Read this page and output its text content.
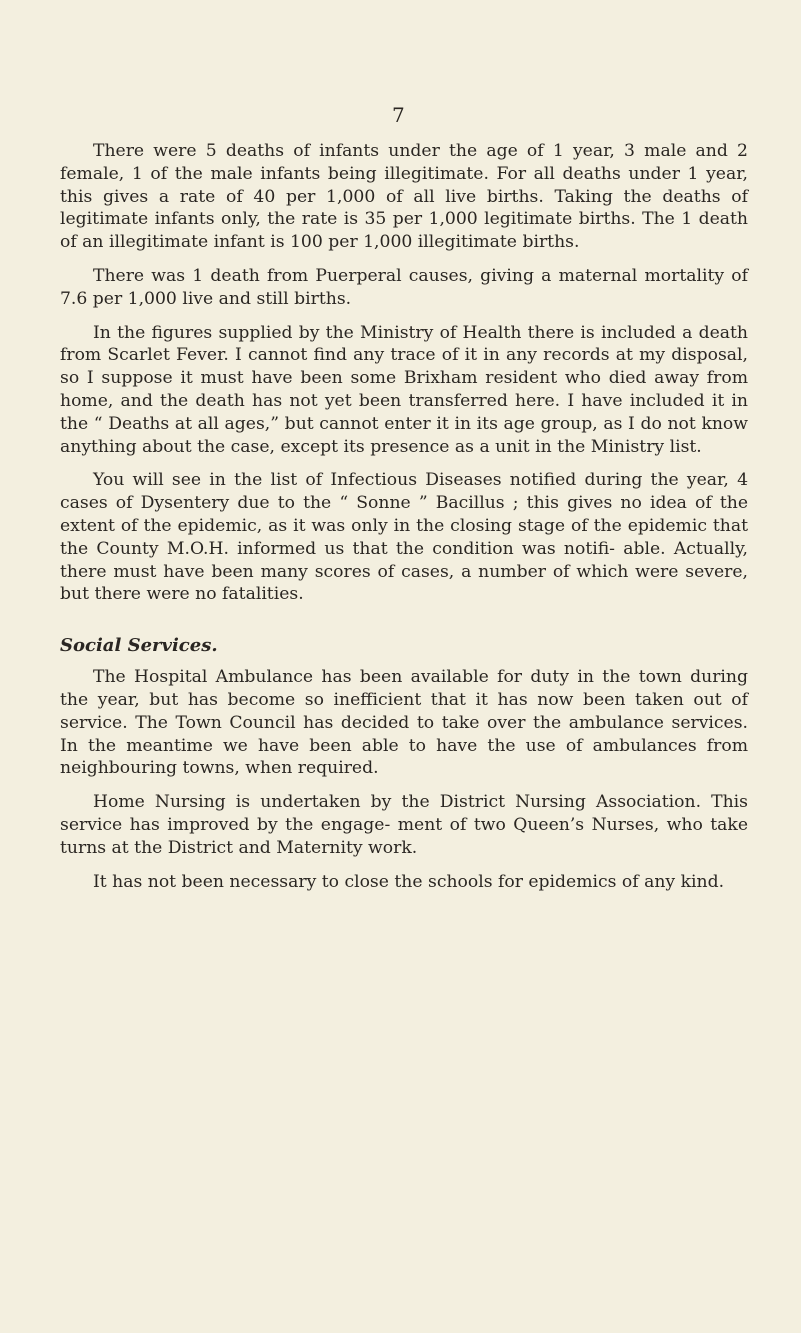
7

There were 5 deaths of infants under the age of 1 year, 3 male and 2 female, 1 of the male infants being illegitimate. For all deaths under 1 year, this gives a rate of 40 per 1,000 of all live births. Taking the deaths of legitimate infants only, the rate is 35 per 1,000 legitimate births. The 1 death of an illegitimate infant is 100 per 1,000 illegitimate births.

There was 1 death from Puerperal causes, giving a maternal mortality of 7.6 per 1,000 live and still births.

In the figures supplied by the Ministry of Health there is included a death from Scarlet Fever. I cannot find any trace of it in any records at my disposal, so I suppose it must have been some Brixham resident who died away from home, and the death has not yet been transferred here. I have included it in the “ Deaths at all ages,” but cannot enter it in its age group, as I do not know anything about the case, except its presence as a unit in the Ministry list.

You will see in the list of Infectious Diseases notified during the year, 4 cases of Dysentery due to the “ Sonne ” Bacillus ; this gives no idea of the extent of the epidemic, as it was only in the closing stage of the epidemic that the County M.O.H. informed us that the condition was notifi- able. Actually, there must have been many scores of cases, a number of which were severe, but there were no fatalities.

Social Services.

The Hospital Ambulance has been available for duty in the town during the year, but has become so inefficient that it has now been taken out of service. The Town Council has decided to take over the ambulance services. In the meantime we have been able to have the use of ambulances from neighbouring towns, when required.

Home Nursing is undertaken by the District Nursing Association. This service has improved by the engage- ment of two Queen’s Nurses, who take turns at the District and Maternity work.

It has not been necessary to close the schools for epidemics of any kind.
